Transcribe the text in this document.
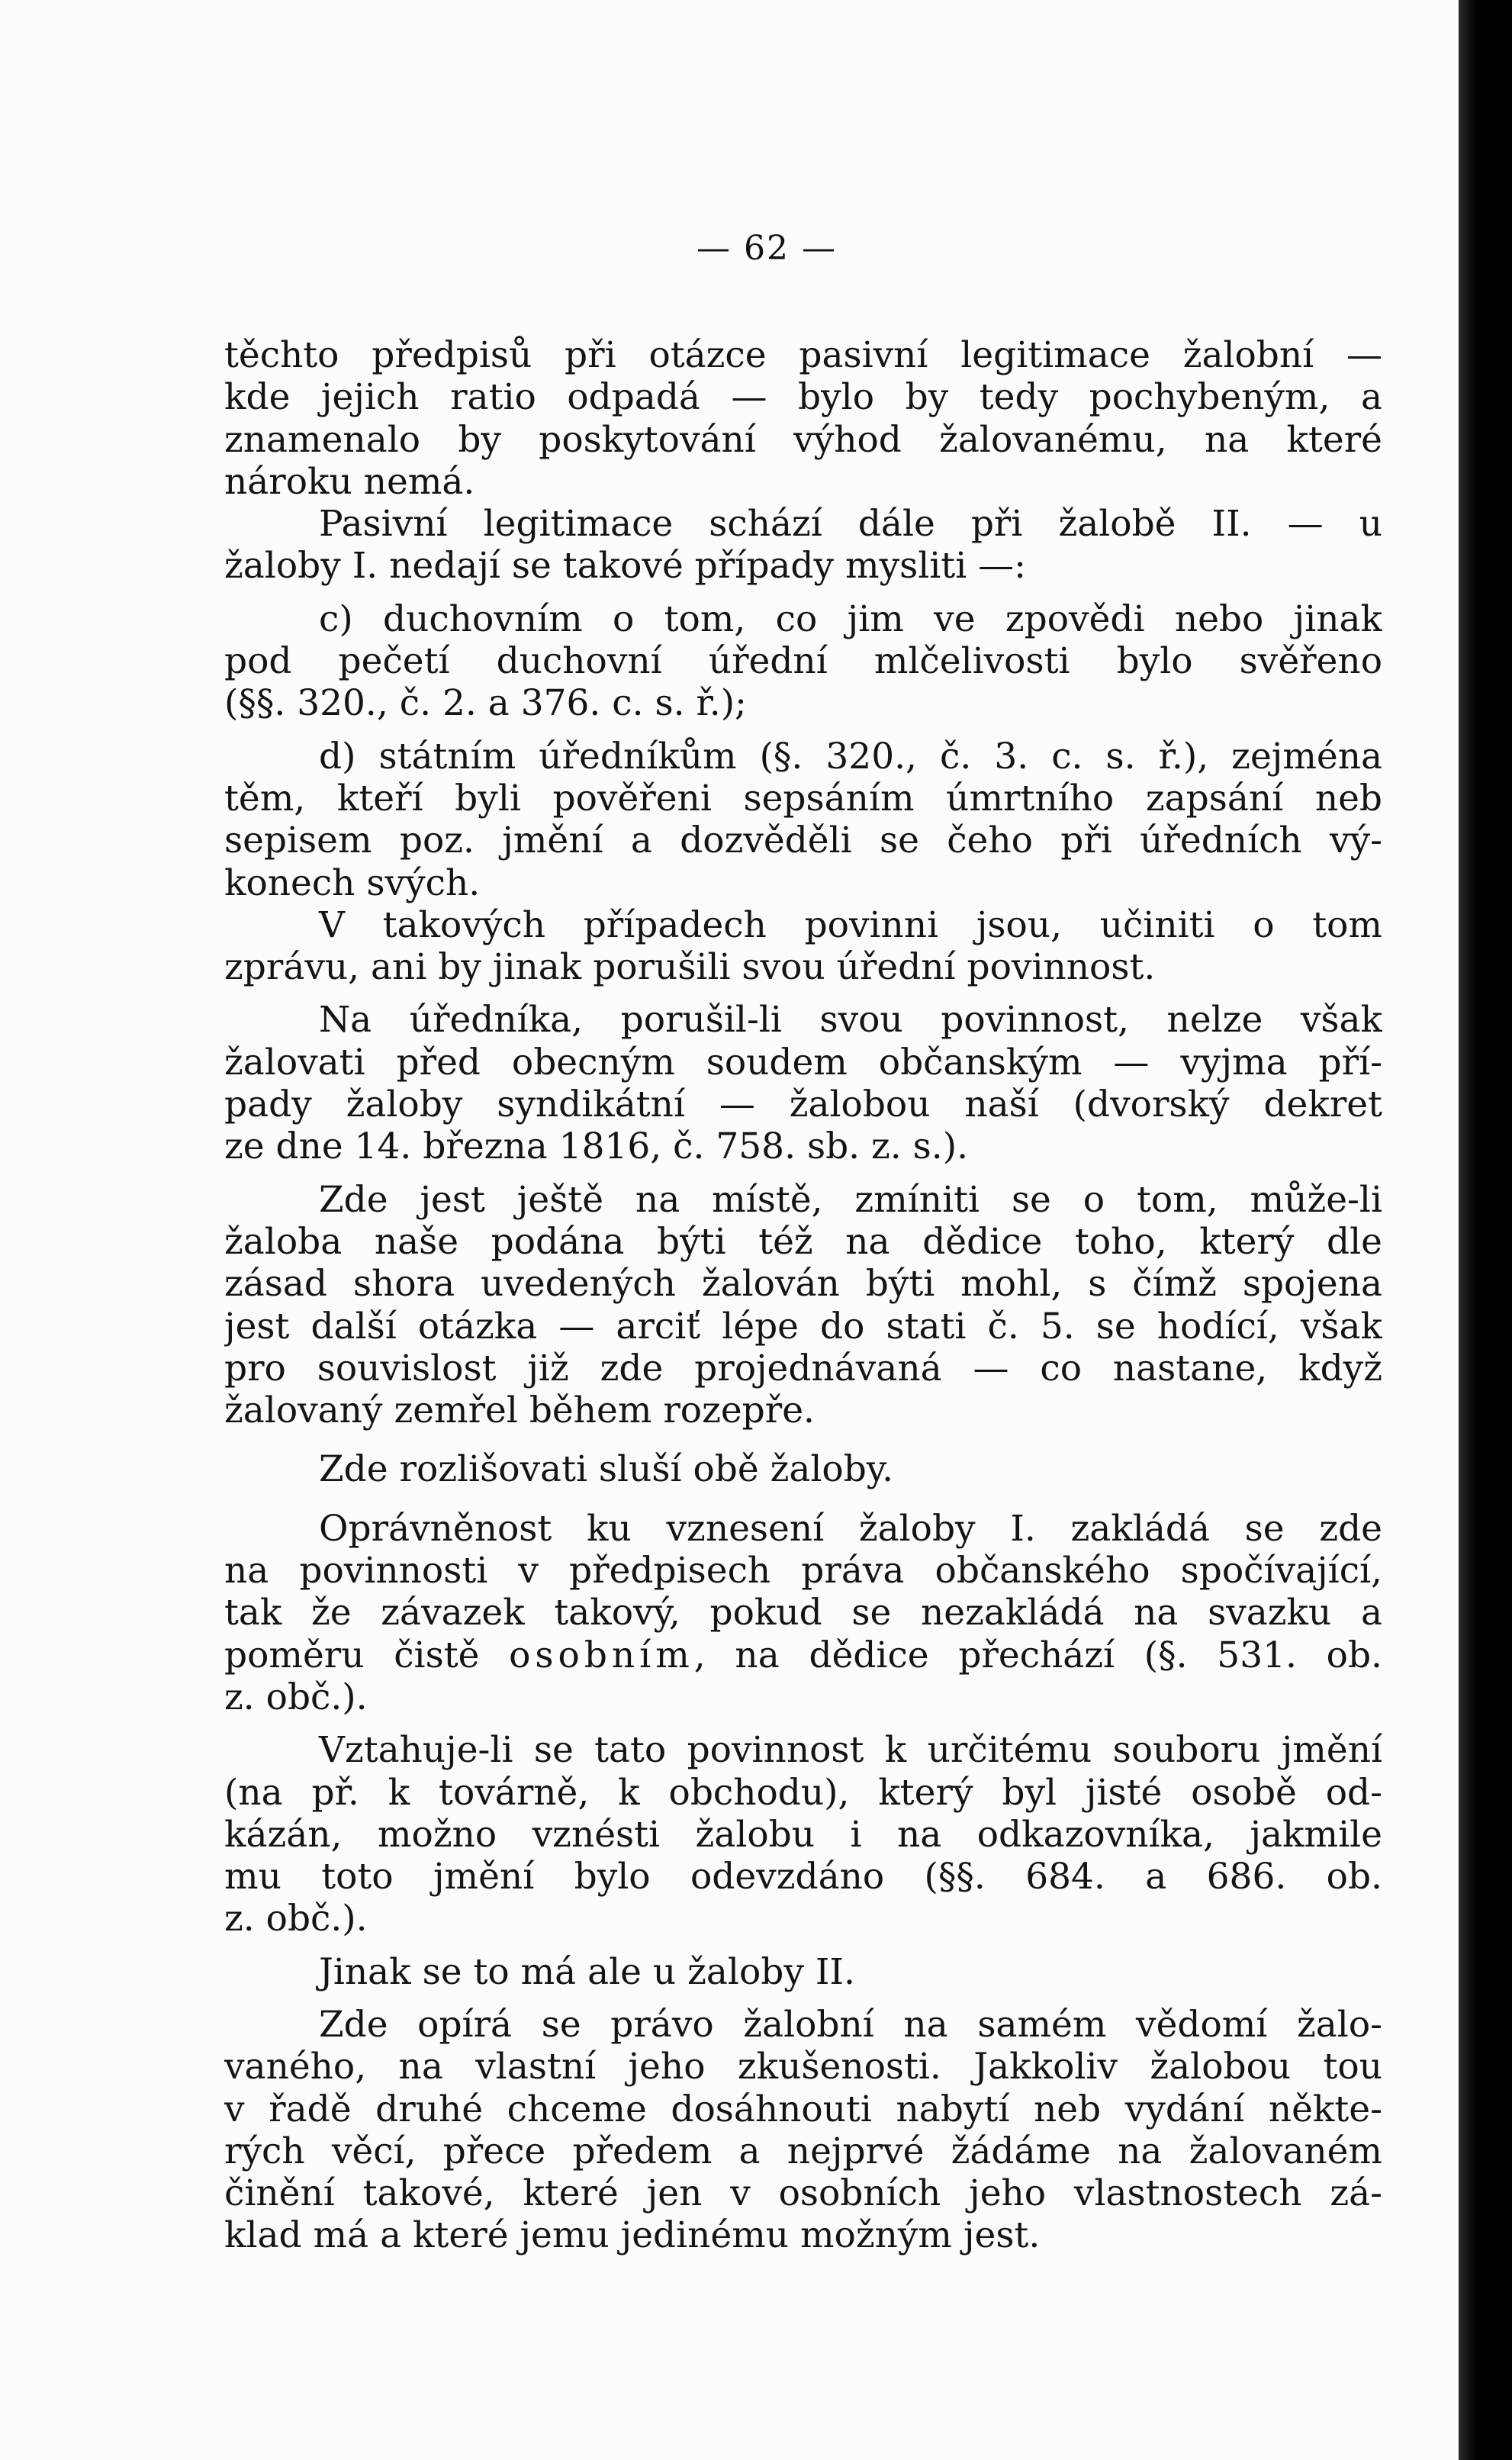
— 62 —
těchto předpisů při otázce pasivní legitimace žalobní —
kde jejich ratio odpadá — bylo by tedy pochybeným, a
znamenalo by poskytování výhod žalovanému, na které
nároku nemá.
Pasivní legitimace schází dále při žalobě II. — u
žaloby I. nedají se takové případy mysliti —:
c) duchovním o tom, co jim ve zpovědi nebo jinak
pod pečetí duchovní úřední mlčelivosti bylo svěřeno
(§§. 320., č. 2. a 376. c. s. ř.);
d) státním úředníkům (§. 320., č. 3. c. s. ř.), zejména
těm, kteří byli pověřeni sepsáním úmrtního zapsání neb
sepisem poz. jmění a dozvěděli se čeho při úředních vý-
konech svých.
V takových případech povinni jsou, učiniti o tom
zprávu, ani by jinak porušili svou úřední povinnost.
Na úředníka, porušil-li svou povinnost, nelze však
žalovati před obecným soudem občanským — vyjma pří-
pady žaloby syndikátní — žalobou naší (dvorský dekret
ze dne 14. března 1816, č. 758. sb. z. s.).
Zde jest ještě na místě, zmíniti se o tom, může-li
žaloba naše podána býti též na dědice toho, který dle
zásad shora uvedených žalován býti mohl, s čímž spojena
jest další otázka — arciť lépe do stati č. 5. se hodící, však
pro souvislost již zde projednávaná — co nastane, když
žalovaný zemřel během rozepře.
Zde rozlišovati sluší obě žaloby.
Oprávněnost ku vznesení žaloby I. zakládá se zde
na povinnosti v předpisech práva občanského spočívající,
tak že závazek takový, pokud se nezakládá na svazku a
poměru čistě osobním, na dědice přechází (§. 531. ob.
z. obč.).
Vztahuje-li se tato povinnost k určitému souboru jmění
(na př. k továrně, k obchodu), který byl jisté osobě od-
kázán, možno vznésti žalobu i na odkazovníka, jakmile
mu toto jmění bylo odevzdáno (§§. 684. a 686. ob.
z. obč.).
Jinak se to má ale u žaloby II.
Zde opírá se právo žalobní na samém vědomí žalo-
vaného, na vlastní jeho zkušenosti. Jakkoliv žalobou tou
v řadě druhé chceme dosáhnouti nabytí neb vydání někte-
rých věcí, přece předem a nejprvé žádáme na žalovaném
činění takové, které jen v osobních jeho vlastnostech zá-
klad má a které jemu jedinému možným jest.
